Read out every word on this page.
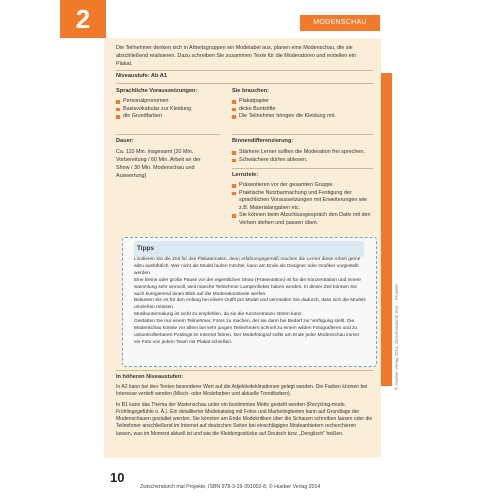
2	MODENSCHAU
Die Teilnehmer denken sich in Arbeitsgruppen ein Modelabel aus, planen eine Modenschau, die sie abschließend realisieren. Dazu schreiben Sie zusammen Texte für die Moderatoren und erstellen ein Plakat.
Niveaustufe: Ab A1
Sprachliche Voraussetzungen:
Personalpronomen
Basisvokabular zur Kleidung
die Grundfarben
Sie brauchen:
Plakatpapier
dicke Buntstifte
Die Teilnehmer bringen die Kleidung mit.
Dauer:
Ca. 110 Min. insgesamt (20 Min.
Vorbereitung / 60 Min. Arbeit an der
Show / 30 Min. Modenschau und
Auswertung)
Binnendifferenzierung:
Stärkere Lerner sollten die Moderation frei sprechen.
Schwächere dürfen ablesen.
Lernziele:
Präsentieren vor der gesamten Gruppe.
Praktische Nutzbarmachung und Festigung der sprachlichen Voraussetzungen mit Erweiterungen wie z.B. Materialangaben etc.
Sie können beim Abschlussgespräch den Dativ mit den Verben stehen und passen üben.
Tipps
Limitieren Sie die Zeit für das Plakatemalen, denn erfahrungsgemäß machen die Lerner diese Arbeit gerne allzu ausführlich. Wer nicht als Model laufen möchte, kann am Ende als Designer oder Grafiker vorgestellt werden.
Eine kleine oder große Pause vor der eigentlichen Show (Präsentation) ist für die Konzentration und innere Sammlung sehr sinnvoll, weil manche Teilnehmer Lampenfieber haben werden. In dieser Zeit können Sie auch korrigierend einen Blick auf die Moderationstexte werfen.
Belassen Sie es für den Anfang bei einem Outfit pro Model und vermeiden Sie dadurch, dass sich die Models umziehen müssen.
Musikuntermalung ist nicht zu empfehlen, da sie die Konzentration stören kann.
Gestatten Sie nur einem Teilnehmer, Fotos zu machen, der sie dann bei Bedarf zur Verfügung stellt. Die Modenschau könnte vor allem bei sehr jungen Teilnehmern schnell zu einem wilden Fotografieren und zu unkontrollierbaren Postings im Internet führen. Der Modefotograf sollte am Ende jeder Modenschau immer ein Foto von jedem Team mit Plakat schießen.
In höheren Niveaustufen:
In A2 kann bei den Texten besonderer Wert auf die Adjektivdeklinationen gelegt werden. Die Farben können bei Interesse vertieft werden (Misch- oder Modefarben und aktuelle Trendfarben).
In B1 kann das Thema der Modenschau unter ein bestimmtes Motto gestellt werden (Recycling-mode, Frühlingsgefühle o. Ä.). Ein detaillierter Modekatalog mit Fotos und Marketingtexten kann auf Grundlage der Modenschauen gestaltet werden. Sie könnten am Ende Modekritiken über die Schauen schreiben lassen oder die Teilnehmer anschließend im Internet auf deutschen Seiten bei einschlägigen Modeanbietern recherchieren lassen, was im Moment aktuell ist und wie die Kleidungsstücke auf Deutsch bzw. „Denglisch" heißen.
10
Zwischendurch mal Projekte, ISBN 978-3-19-391002-8, © Hueber Verlag 2014
© Hueber Verlag 2014, Zwischendurch mal ... Projekte
